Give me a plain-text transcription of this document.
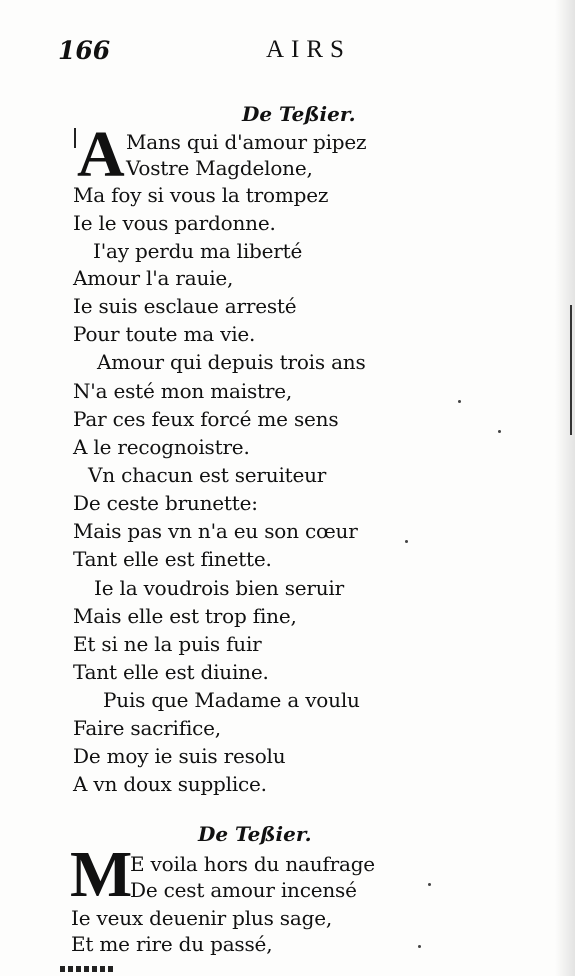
166	AIRS
De Teßier.
A Mans qui d'amour pipez
Vostre Magdelone,
Ma foy si vous la trompez
Ie le vous pardonne.
I'ay perdu ma liberté
Amour l'a rauie,
Ie suis esclaue arresté
Pour toute ma vie.
Amour qui depuis trois ans
N'a esté mon maistre,
Par ces feux forcé me sens
A le recognoistre.
Vn chacun est seruiteur
De ceste brunette:
Mais pas vn n'a eu son cœur
Tant elle est finette.
Ie la voudrois bien seruir
Mais elle est trop fine,
Et si ne la puis fuir
Tant elle est diuine.
Puis que Madame a voulu
Faire sacrifice,
De moy ie suis resolu
A vn doux supplice.
De Teßier.
M
E voila hors du naufrage
De cest amour incensé
Ie veux deuenir plus sage,
Et me rire du passé,
